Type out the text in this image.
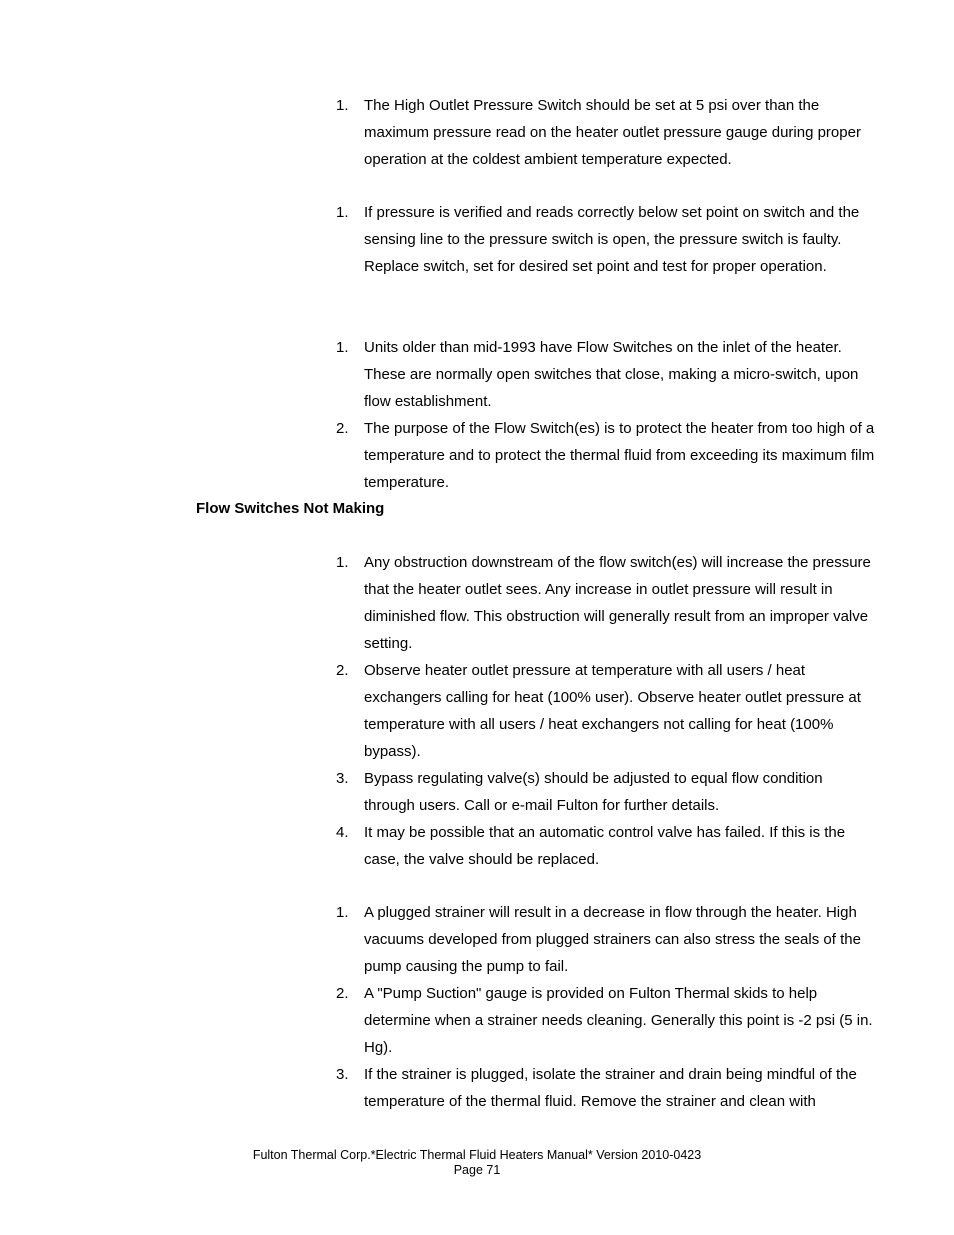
1.	The High Outlet Pressure Switch should be set at 5 psi over than the maximum pressure read on the heater outlet pressure gauge during proper operation at the coldest ambient temperature expected.
1.	If pressure is verified and reads correctly below set point on switch and the sensing line to the pressure switch is open, the pressure switch is faulty. Replace switch, set for desired set point and test for proper operation.
1.	Units older than mid-1993 have Flow Switches on the inlet of the heater. These are normally open switches that close, making a micro-switch, upon flow establishment.
2.	The purpose of the Flow Switch(es) is to protect the heater from too high of a temperature and to protect the thermal fluid from exceeding its maximum film temperature.
Flow Switches Not Making
1.	Any obstruction downstream of the flow switch(es) will increase the pressure that the heater outlet sees. Any increase in outlet pressure will result in diminished flow. This obstruction will generally result from an improper valve setting.
2.	Observe heater outlet pressure at temperature with all users / heat exchangers calling for heat (100% user). Observe heater outlet pressure at temperature with all users / heat exchangers not calling for heat (100% bypass).
3.	Bypass regulating valve(s) should be adjusted to equal flow condition through users. Call or e-mail Fulton for further details.
4.	It may be possible that an automatic control valve has failed. If this is the case, the valve should be replaced.
1.	A plugged strainer will result in a decrease in flow through the heater. High vacuums developed from plugged strainers can also stress the seals of the pump causing the pump to fail.
2.	A "Pump Suction" gauge is provided on Fulton Thermal skids to help determine when a strainer needs cleaning. Generally this point is -2 psi (5 in. Hg).
3.	If the strainer is plugged, isolate the strainer and drain being mindful of the temperature of the thermal fluid. Remove the strainer and clean with
Fulton Thermal Corp.*Electric Thermal Fluid Heaters Manual* Version 2010-0423
Page 71
